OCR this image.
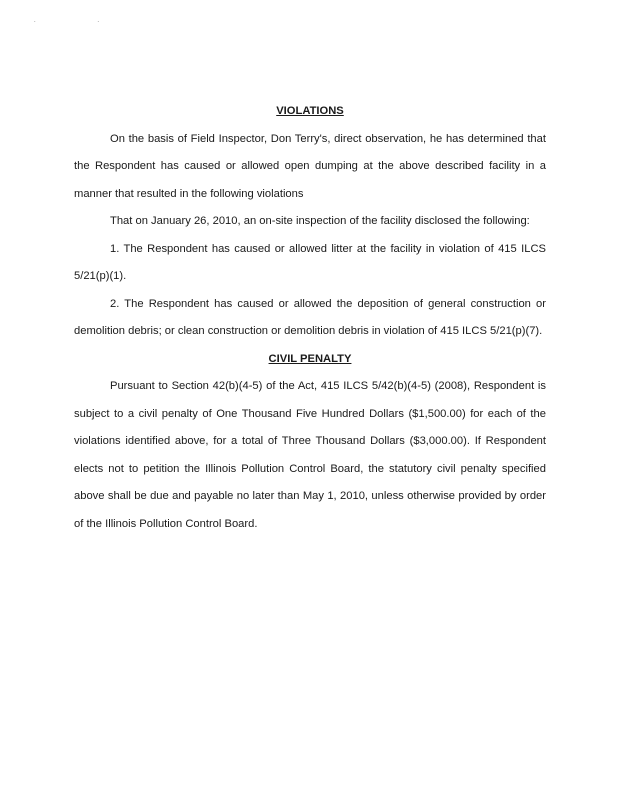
. .

VIOLATIONS

On the basis of Field Inspector, Don Terry's, direct observation, he has determined that the Respondent has caused or allowed open dumping at the above described facility in a manner that resulted in the following violations

That on January 26, 2010, an on-site inspection of the facility disclosed the following:

1. The Respondent has caused or allowed litter at the facility in violation of 415 ILCS 5/21(p)(1).

2. The Respondent has caused or allowed the deposition of general construction or demolition debris; or clean construction or demolition debris in violation of 415 ILCS 5/21(p)(7).

CIVIL PENALTY

Pursuant to Section 42(b)(4-5) of the Act, 415 ILCS 5/42(b)(4-5) (2008), Respondent is subject to a civil penalty of One Thousand Five Hundred Dollars ($1,500.00) for each of the violations identified above, for a total of Three Thousand Dollars ($3,000.00). If Respondent elects not to petition the Illinois Pollution Control Board, the statutory civil penalty specified above shall be due and payable no later than May 1, 2010, unless otherwise provided by order of the Illinois Pollution Control Board.
